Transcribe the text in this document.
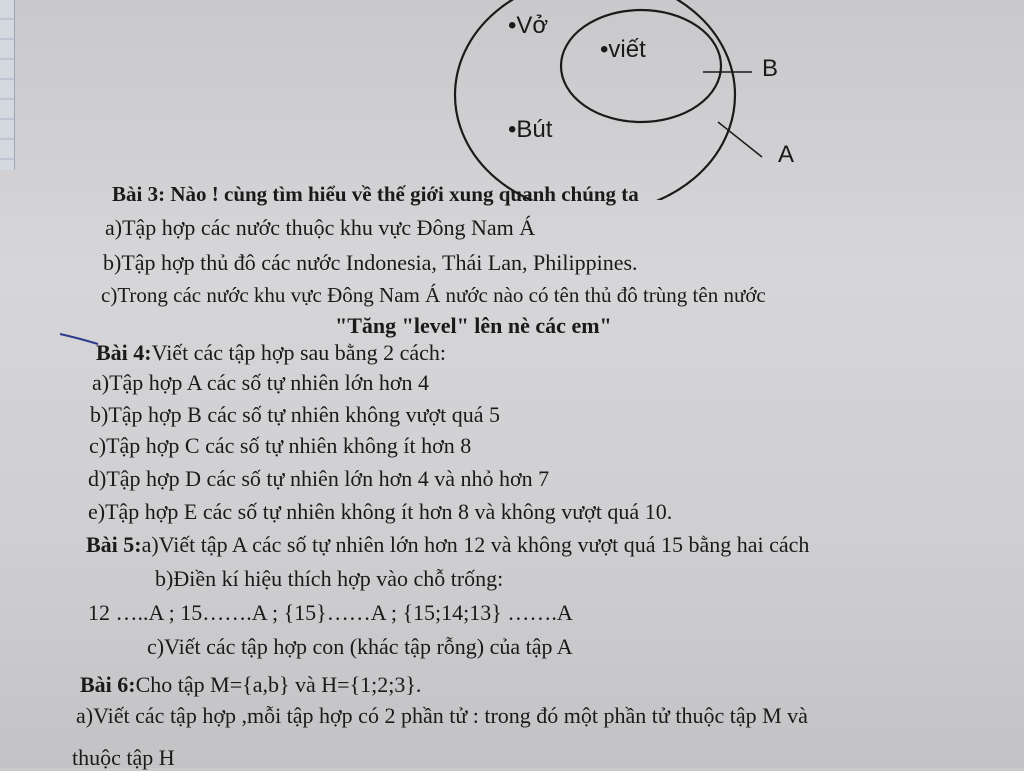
•Vở
•viết
•Bút
B
A
Bài 3: Nào ! cùng tìm hiểu về thế giới xung quanh chúng ta
a)Tập hợp các nước thuộc khu vực Đông Nam Á
b)Tập hợp thủ đô các nước Indonesia, Thái Lan, Philippines.
c)Trong các nước khu vực Đông Nam Á nước nào có tên thủ đô trùng tên nước
"Tăng "level" lên nè các em"
Bài 4:Viết các tập hợp sau bằng 2 cách:
a)Tập hợp A các số tự nhiên lớn hơn 4
b)Tập hợp B các số tự nhiên không vượt quá 5
c)Tập hợp C các số tự nhiên không ít hơn 8
d)Tập hợp D các số tự nhiên lớn hơn 4 và nhỏ hơn 7
e)Tập hợp E các số tự nhiên không ít hơn 8 và không vượt quá 10.
Bài 5:a)Viết tập A các số tự nhiên lớn hơn 12 và không vượt quá 15 bằng hai cách
b)Điền kí hiệu thích hợp vào chỗ trống:
12 …..A ; 15…….A ; {15}……A ; {15;14;13} …….A
c)Viết các tập hợp con (khác tập rỗng) của tập A
Bài 6:Cho tập M={a,b} và H={1;2;3}.
a)Viết các tập hợp ,mỗi tập hợp có 2 phần tử : trong đó một phần tử thuộc tập M và
thuộc tập H
